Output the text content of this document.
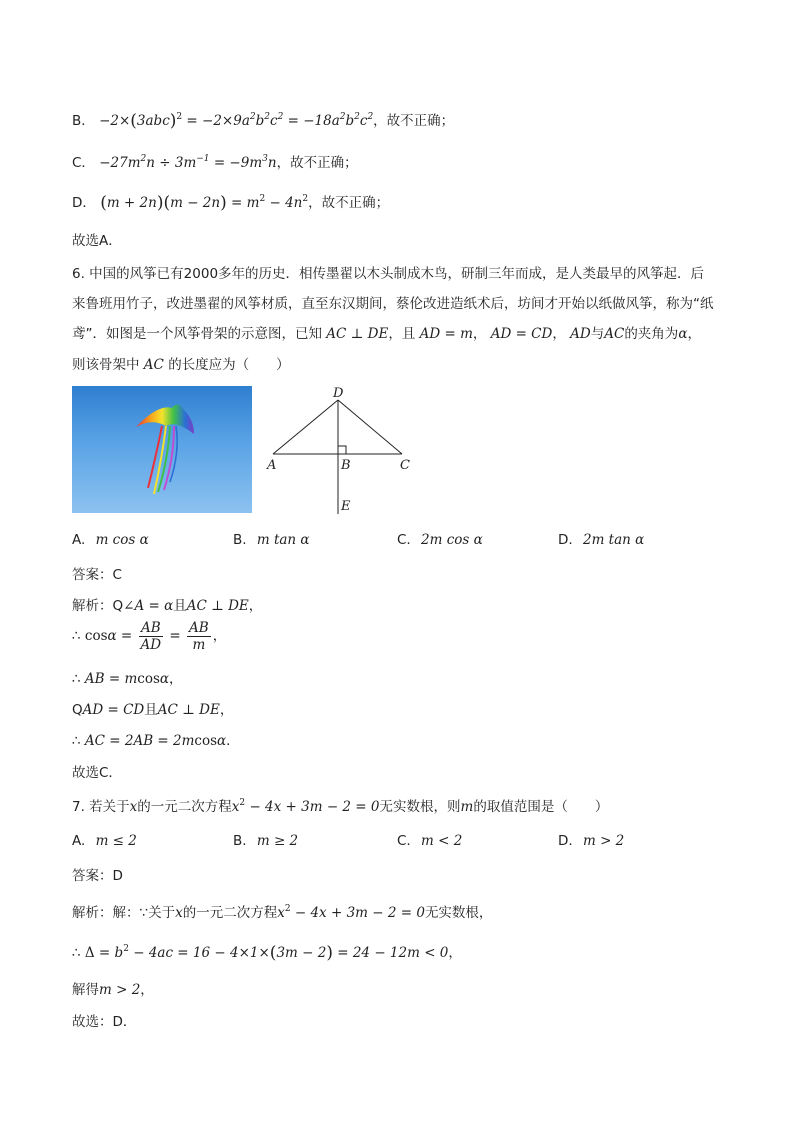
B． $-2\times(3abc)^2 = -2\times 9a^2b^2c^2 = -18a^2b^2c^2$，故不正确；
C． $-27m^2n \div 3m^{-1} = -9m^3n$，故不正确；
D． $(m + 2n)(m - 2n) = m^2 - 4n^2$，故不正确；
故选A．
6. 中国的风筝已有2000多年的历史．相传墨翟以木头制成木鸟，研制三年而成，是人类最早的风筝起．后
来鲁班用竹子，改进墨翟的风筝材质，直至东汉期间，蔡伦改进造纸术后，坊间才开始以纸做风筝，称为“纸
鸢”．如图是一个风筝骨架的示意图，已知 AC ⊥ DE，且 AD = m， AD = CD， AD与AC的夹角为α，
则该骨架中 AC 的长度应为（　　）
D
A	B	C
E
A. m cos α	B. m tan α	C. 2m cos α	D. 2m tan α
答案：C
解析：Q∠A = α且AC ⊥ DE，
∴ $\cos\alpha = \frac{AB}{AD} = \frac{AB}{m}$ ，
∴ AB = mcosα，
QAD = CD且AC ⊥ DE，
∴ AC = 2AB = 2mcosα．
故选C．
7. 若关于x的一元二次方程$x^2 - 4x + 3m - 2 = 0$无实数根，则m的取值范围是（　　）
A. m ≤ 2	B. m ≥ 2	C. m < 2	D. m > 2
答案：D
解析：解：∵关于x的一元二次方程$x^2 - 4x + 3m - 2 = 0$无实数根，
∴ $\Delta = b^2 - 4ac = 16 - 4\times 1\times(3m - 2) = 24 - 12m < 0$，
解得m > 2，
故选：D．
